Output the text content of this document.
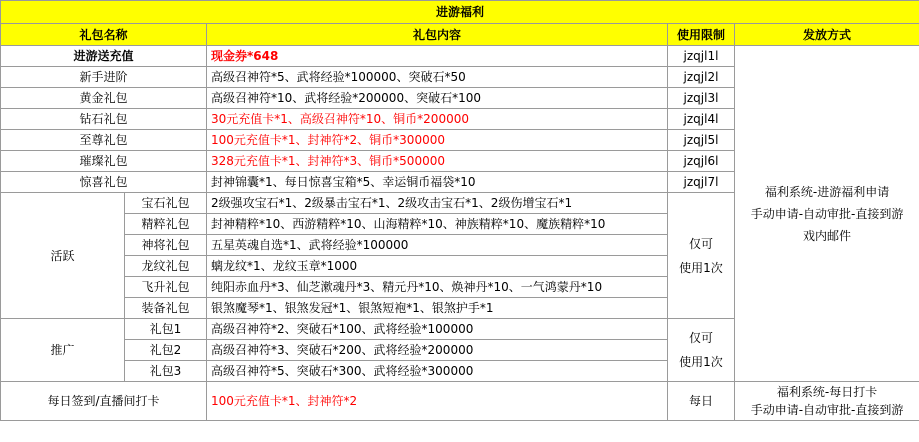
进游福利				
礼包名称		礼包内容	使用限制	发放方式
进游送充值		现金券*648	jzqjl1l	福利系统-进游福利申请
手动申请-自动审批-直接到游
戏内邮件

新手进阶		高级召神符*5、武将经验*100000、突破石*50	jzqjl2l	
黄金礼包		高级召神符*10、武将经验*200000、突破石*100	jzqjl3l	
钻石礼包		30元充值卡*1、高级召神符*10、铜币*200000	jzqjl4l	
至尊礼包		100元充值卡*1、封神符*2、铜币*300000	jzqjl5l	
璀璨礼包		328元充值卡*1、封神符*3、铜币*500000	jzqjl6l	
惊喜礼包		封神锦囊*1、每日惊喜宝箱*5、幸运铜币福袋*10	jzqjl7l	
活跃	宝石礼包	2级强攻宝石*1、2级暴击宝石*1、2级攻击宝石*1、2级伤增宝石*1	仅可
使用1次	

	精粹礼包	封神精粹*10、西游精粹*10、山海精粹*10、神族精粹*10、魔族精粹*10		
	神将礼包	五星英魂自选*1、武将经验*100000		
	龙纹礼包	螭龙纹*1、龙纹玉章*1000		
	飞升礼包	纯阳赤血丹*3、仙芝漱魂丹*3、精元丹*10、焕神丹*10、一气鸿蒙丹*10		
	装备礼包	银煞魔琴*1、银煞发冠*1、银煞短袍*1、银煞护手*1		
推广	礼包1	高级召神符*2、突破石*100、武将经验*100000	仅可
使用1次	

	礼包2	高级召神符*3、突破石*200、武将经验*200000		
	礼包3	高级召神符*5、突破石*300、武将经验*300000		
每日签到/直播间打卡		100元充值卡*1、封神符*2	每日	福利系统-每日打卡
手动申请-自动审批-直接到游
